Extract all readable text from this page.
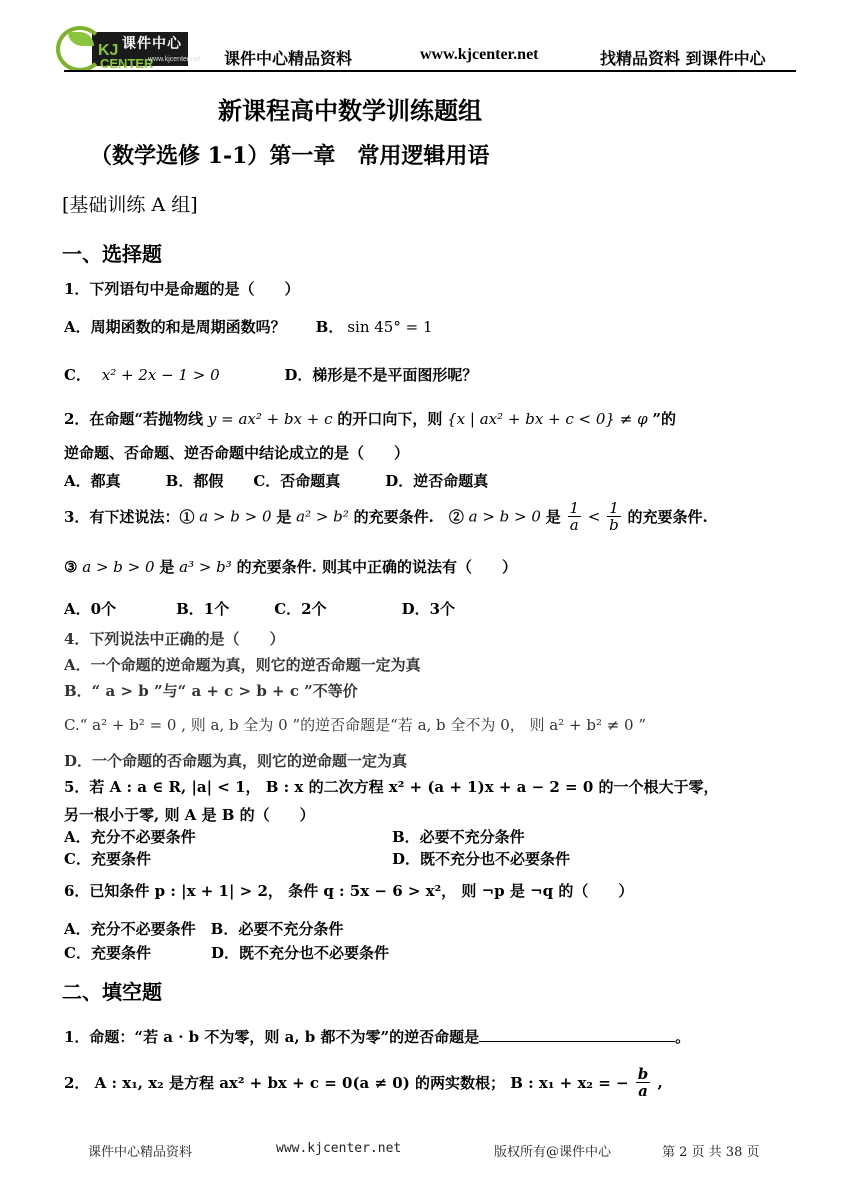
课件中心
KJ
CENTER
www.kjcenter.net 课件中心精品资料	www.kjcenter.net	找精品资料 到课件中心
新课程高中数学训练题组
（数学选修 1-1）第一章　常用逻辑用语
[基础训练 A 组]
一、选择题
1．下列语句中是命题的是（　　）
A．周期函数的和是周期函数吗？　　B． sin 45° = 1
C． x² + 2x − 1 > 0	D．梯形是不是平面图形呢？
2．在命题“若抛物线 y = ax² + bx + c 的开口向下，则 {x | ax² + bx + c < 0} ≠ φ ”的
逆命题、否命题、逆否命题中结论成立的是（　　）
A．都真　　　B．都假　　C．否命题真　　　D．逆否命题真
3．有下述说法：① a > b > 0 是 a² > b² 的充要条件.　② a > b > 0 是 $\frac{1}{a} < \frac{1}{b}$ 的充要条件.
③ a > b > 0 是 a³ > b³ 的充要条件. 则其中正确的说法有（　　）
A．0个　　　　B．1个　　　C．2个　　　　　D．3个
4．下列说法中正确的是（　　）
A．一个命题的逆命题为真，则它的逆否命题一定为真
B．“ a > b ”与“ a + c > b + c ”不等价
C.“ a² + b² = 0 , 则 a, b 全为 0 ”的逆否命题是“若 a, b 全不为 0， 则 a² + b² ≠ 0 ”
D．一个命题的否命题为真，则它的逆命题一定为真
5．若 A : a ∈ R, |a| < 1， B : x 的二次方程 x² + (a + 1)x + a − 2 = 0 的一个根大于零，
另一根小于零, 则 A 是 B 的（　　）
A．充分不必要条件	B．必要不充分条件
C．充要条件	D．既不充分也不必要条件
6．已知条件 p : |x + 1| > 2， 条件 q : 5x − 6 > x²， 则 ¬p 是 ¬q 的（　　）
A．充分不必要条件　B．必要不充分条件
C．充要条件　　　　D．既不充分也不必要条件
二、填空题
1．命题：“若 a · b 不为零，则 a, b 都不为零”的逆否命题是	。
2． A : x₁, x₂ 是方程 ax² + bx + c = 0(a ≠ 0) 的两实数根； B : x₁ + x₂ = − $\frac{b}{a}$ ,
课件中心精品资料	www.kjcenter.net	版权所有@课件中心	第 2 页 共 38 页
